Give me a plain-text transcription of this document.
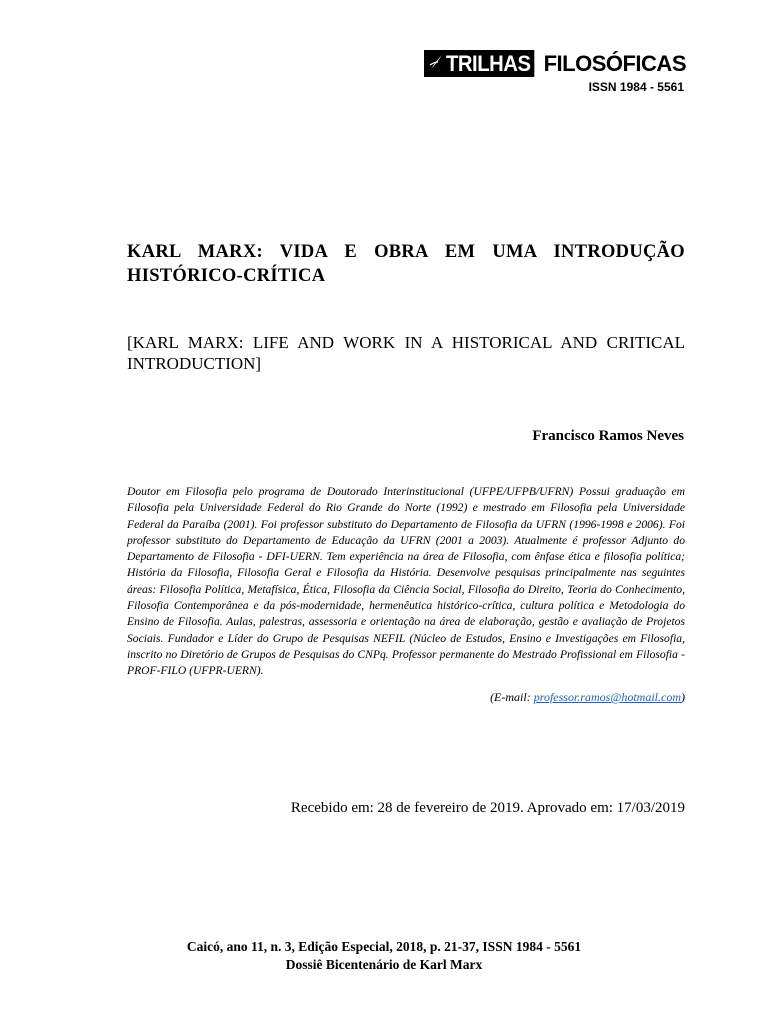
TRILHAS FILOSÓFICAS
ISSN 1984 - 5561
KARL MARX: VIDA E OBRA EM UMA INTRODUÇÃO HISTÓRICO-CRÍTICA
[KARL MARX: LIFE AND WORK IN A HISTORICAL AND CRITICAL INTRODUCTION]
Francisco Ramos Neves
Doutor em Filosofia pelo programa de Doutorado Interinstitucional (UFPE/UFPB/UFRN) Possui graduação em Filosofia pela Universidade Federal do Rio Grande do Norte (1992) e mestrado em Filosofia pela Universidade Federal da Paraíba (2001). Foi professor substituto do Departamento de Filosofia da UFRN (1996-1998 e 2006). Foi professor substituto do Departamento de Educação da UFRN (2001 a 2003). Atualmente é professor Adjunto do Departamento de Filosofia - DFI-UERN. Tem experiência na área de Filosofia, com ênfase ética e filosofia política; História da Filosofia, Filosofia Geral e Filosofia da História. Desenvolve pesquisas principalmente nas seguintes áreas: Filosofia Política, Metafísica, Ética, Filosofia da Ciência Social, Filosofia do Direito, Teoria do Conhecimento, Filosofia Contemporânea e da pós-modernidade, hermenêutica histórico-crítica, cultura política e Metodologia do Ensino de Filosofia. Aulas, palestras, assessoria e orientação na área de elaboração, gestão e avaliação de Projetos Sociais. Fundador e Líder do Grupo de Pesquisas NEFIL (Núcleo de Estudos, Ensino e Investigações em Filosofia, inscrito no Diretório de Grupos de Pesquisas do CNPq. Professor permanente do Mestrado Profissional em Filosofia - PROF-FILO (UFPR-UERN).
(E-mail: professor.ramos@hotmail.com)
Recebido em: 28 de fevereiro de 2019. Aprovado em: 17/03/2019
Caicó, ano 11, n. 3, Edição Especial, 2018, p. 21-37, ISSN 1984 - 5561
Dossiê Bicentenário de Karl Marx
